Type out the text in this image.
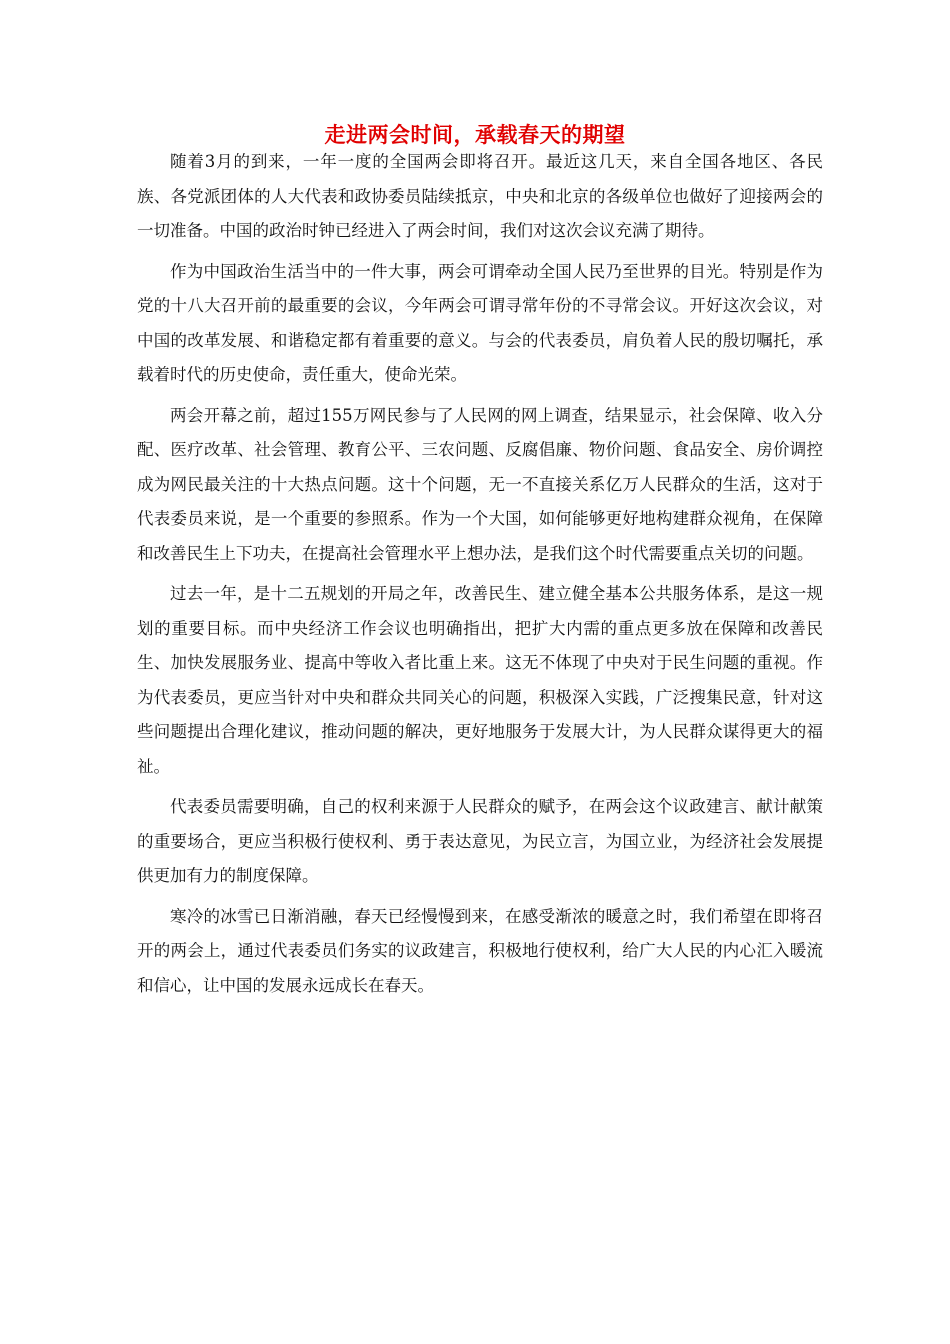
走进两会时间，承载春天的期望

随着3月的到来，一年一度的全国两会即将召开。最近这几天，来自全国各地区、各民族、各党派团体的人大代表和政协委员陆续抵京，中央和北京的各级单位也做好了迎接两会的一切准备。中国的政治时钟已经进入了两会时间，我们对这次会议充满了期待。

作为中国政治生活当中的一件大事，两会可谓牵动全国人民乃至世界的目光。特别是作为党的十八大召开前的最重要的会议，今年两会可谓寻常年份的不寻常会议。开好这次会议，对中国的改革发展、和谐稳定都有着重要的意义。与会的代表委员，肩负着人民的殷切嘱托，承载着时代的历史使命，责任重大，使命光荣。

两会开幕之前，超过155万网民参与了人民网的网上调查，结果显示，社会保障、收入分配、医疗改革、社会管理、教育公平、三农问题、反腐倡廉、物价问题、食品安全、房价调控成为网民最关注的十大热点问题。这十个问题，无一不直接关系亿万人民群众的生活，这对于代表委员来说，是一个重要的参照系。作为一个大国，如何能够更好地构建群众视角，在保障和改善民生上下功夫，在提高社会管理水平上想办法，是我们这个时代需要重点关切的问题。

过去一年，是十二五规划的开局之年，改善民生、建立健全基本公共服务体系，是这一规划的重要目标。而中央经济工作会议也明确指出，把扩大内需的重点更多放在保障和改善民生、加快发展服务业、提高中等收入者比重上来。这无不体现了中央对于民生问题的重视。作为代表委员，更应当针对中央和群众共同关心的问题，积极深入实践，广泛搜集民意，针对这些问题提出合理化建议，推动问题的解决，更好地服务于发展大计，为人民群众谋得更大的福祉。

代表委员需要明确，自己的权利来源于人民群众的赋予，在两会这个议政建言、献计献策的重要场合，更应当积极行使权利、勇于表达意见，为民立言，为国立业，为经济社会发展提供更加有力的制度保障。

寒冷的冰雪已日渐消融，春天已经慢慢到来，在感受渐浓的暖意之时，我们希望在即将召开的两会上，通过代表委员们务实的议政建言，积极地行使权利，给广大人民的内心汇入暖流和信心，让中国的发展永远成长在春天。
